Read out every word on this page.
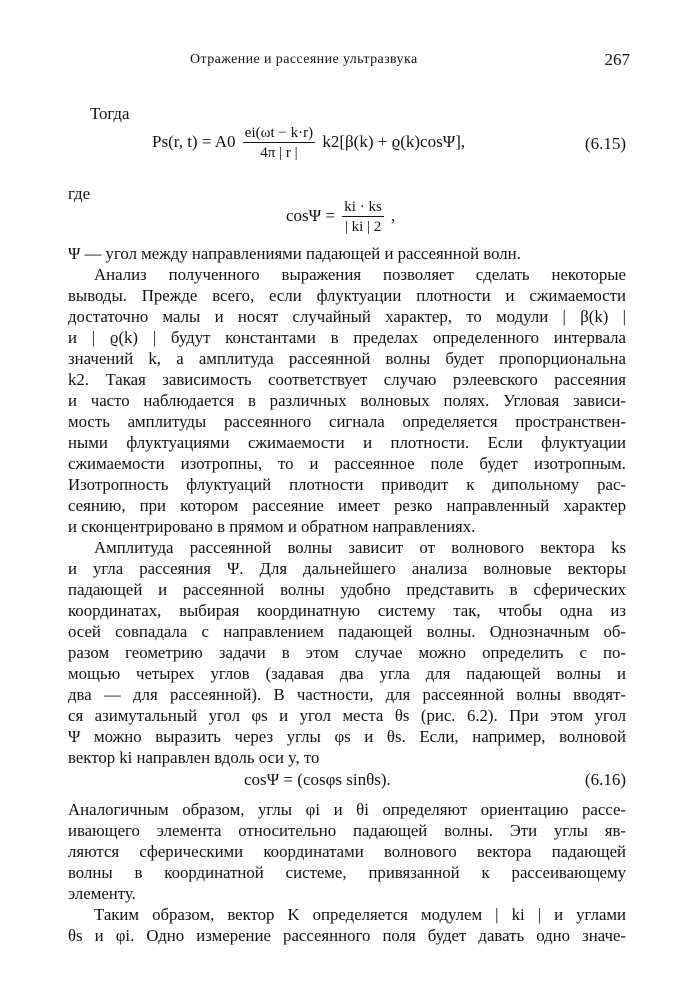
Отражение и рассеяние ультразвука	267
Тогда
Ps(r, $t) = A0 \frac{ei(\omega t - k\cdot r)}{4\pi | r |} k2[\beta(k) + ϱ(k)\cos\Psi]$,	(6.15)
где
$\cos\Psi = \frac{ki \cdot ks}{| ki | 2}$ ,
Ψ — угол между направлениями падающей и рассеянной волн.
Анализ полученного выражения позволяет сделать некоторые
выводы. Прежде всего, если флуктуации плотности и сжимаемости
достаточно малы и носят случайный характер, то модули | β(k) |
и | ϱ(k) | будут константами в пределах определенного интервала
значений k, а амплитуда рассеянной волны будет пропорциональна
k2. Такая зависимость соответствует случаю рэлеевского рассеяния
и часто наблюдается в различных волновых полях. Угловая зависи-
мость амплитуды рассеянного сигнала определяется пространствен-
ными флуктуациями сжимаемости и плотности. Если флуктуации
сжимаемости изотропны, то и рассеянное поле будет изотропным.
Изотропность флуктуаций плотности приводит к дипольному рас-
сеянию, при котором рассеяние имеет резко направленный характер
и сконцентрировано в прямом и обратном направлениях.
Амплитуда рассеянной волны зависит от волнового вектора ks
и угла рассеяния Ψ. Для дальнейшего анализа волновые векторы
падающей и рассеянной волны удобно представить в сферических
координатах, выбирая координатную систему так, чтобы одна из
осей совпадала с направлением падающей волны. Однозначным об-
разом геометрию задачи в этом случае можно определить с по-
мощью четырех углов (задавая два угла для падающей волны и
два — для рассеянной). В частности, для рассеянной волны вводят-
ся азимутальный угол φs и угол места θs (рис. 6.2). При этом угол
Ψ можно выразить через углы φs и θs. Если, например, волновой
вектор ki направлен вдоль оси y, то
cosΨ = (cosφs sinθs).	(6.16)
Аналогичным образом, углы φi и θi определяют ориентацию рассе-
ивающего элемента относительно падающей волны. Эти углы яв-
ляются сферическими координатами волнового вектора падающей
волны в координатной системе, привязанной к рассеивающему
элементу.
Таким образом, вектор K определяется модулем | ki | и углами
θs и φi. Одно измерение рассеянного поля будет давать одно значе-
